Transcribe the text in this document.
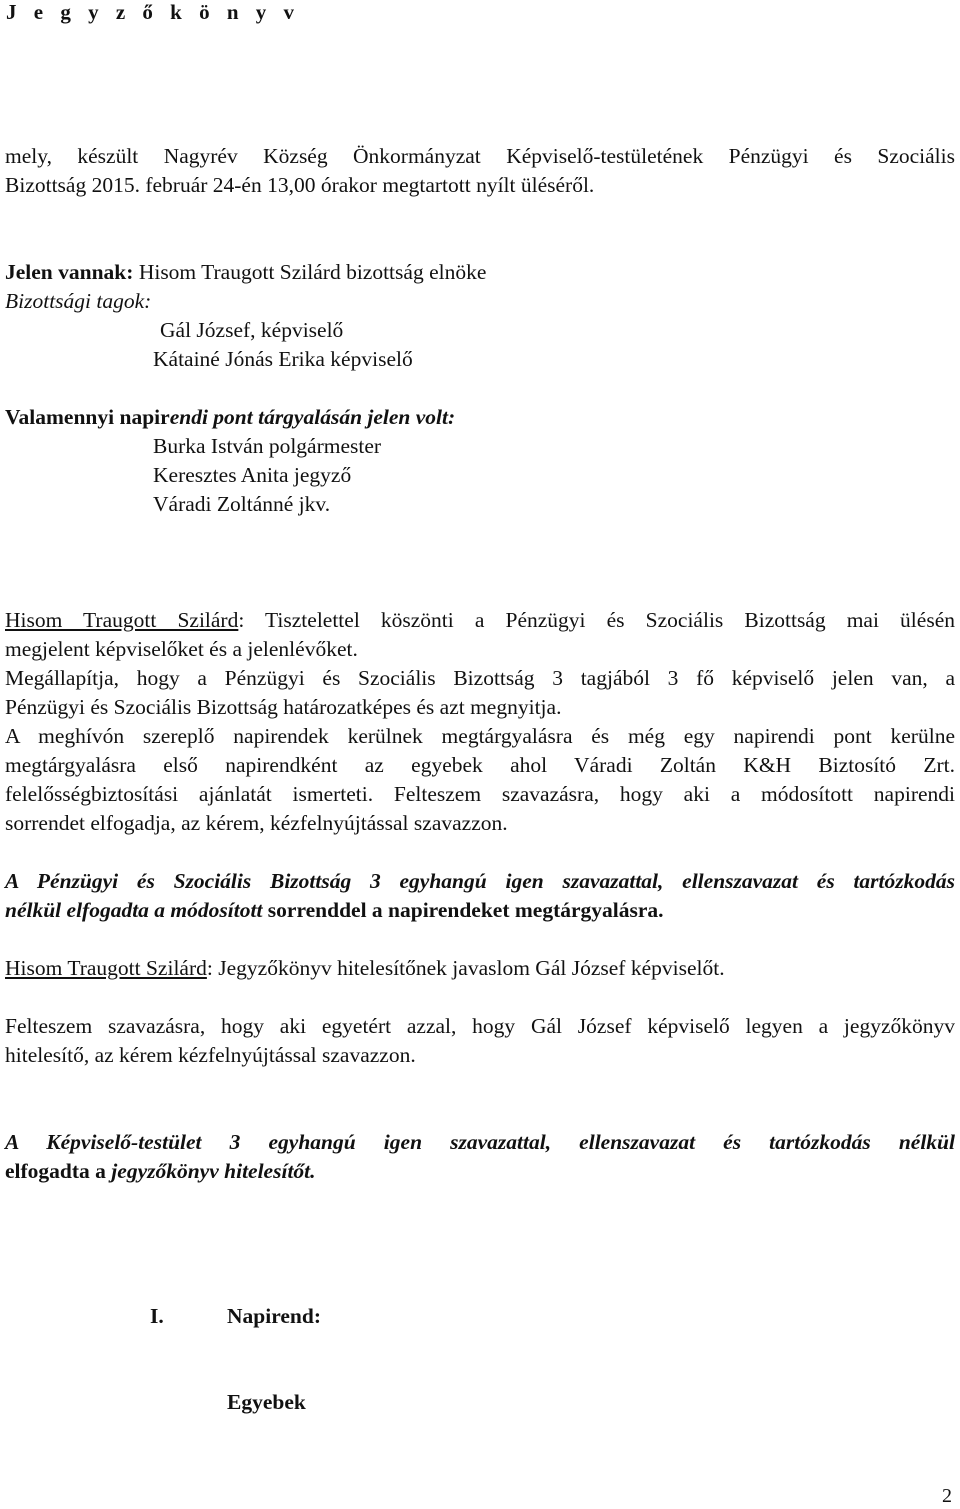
J e g y z ő k ö n y v
mely, készült Nagyrév Község Önkormányzat Képviselő-testületének Pénzügyi és Szociális
Bizottság 2015. február 24-én 13,00 órakor megtartott nyílt üléséről.
Jelen vannak: Hisom Traugott Szilárd bizottság elnöke
Bizottsági tagok:
Gál József, képviselő
Kátainé Jónás Erika képviselő
Valamennyi napirendi pont tárgyalásán jelen volt:
Burka István polgármester
Keresztes Anita jegyző
Váradi Zoltánné jkv.
Hisom Traugott Szilárd: Tisztelettel köszönti a Pénzügyi és Szociális Bizottság mai ülésén
megjelent képviselőket és a jelenlévőket.
Megállapítja, hogy a Pénzügyi és Szociális Bizottság 3 tagjából 3 fő képviselő jelen van, a
Pénzügyi és Szociális Bizottság határozatképes és azt megnyitja.
A meghívón szereplő napirendek kerülnek megtárgyalásra és még egy napirendi pont kerülne
megtárgyalásra első napirendként az egyebek ahol Váradi Zoltán K&H Biztosító Zrt.
felelősségbiztosítási ajánlatát ismerteti. Felteszem szavazásra, hogy aki a módosított napirendi
sorrendet elfogadja, az kérem, kézfelnyújtással szavazzon.
A Pénzügyi és Szociális Bizottság 3 egyhangú igen szavazattal, ellenszavazat és tartózkodás
nélkül elfogadta a módosított sorrenddel a napirendeket megtárgyalásra.
Hisom Traugott Szilárd: Jegyzőkönyv hitelesítőnek javaslom Gál József képviselőt.
Felteszem szavazásra, hogy aki egyetért azzal, hogy Gál József képviselő legyen a jegyzőkönyv
hitelesítő, az kérem kézfelnyújtással szavazzon.
A Képviselő-testület 3 egyhangú igen szavazattal, ellenszavazat és tartózkodás nélkül
elfogadta a jegyzőkönyv hitelesítőt.
I.	Napirend:
Egyebek
2
